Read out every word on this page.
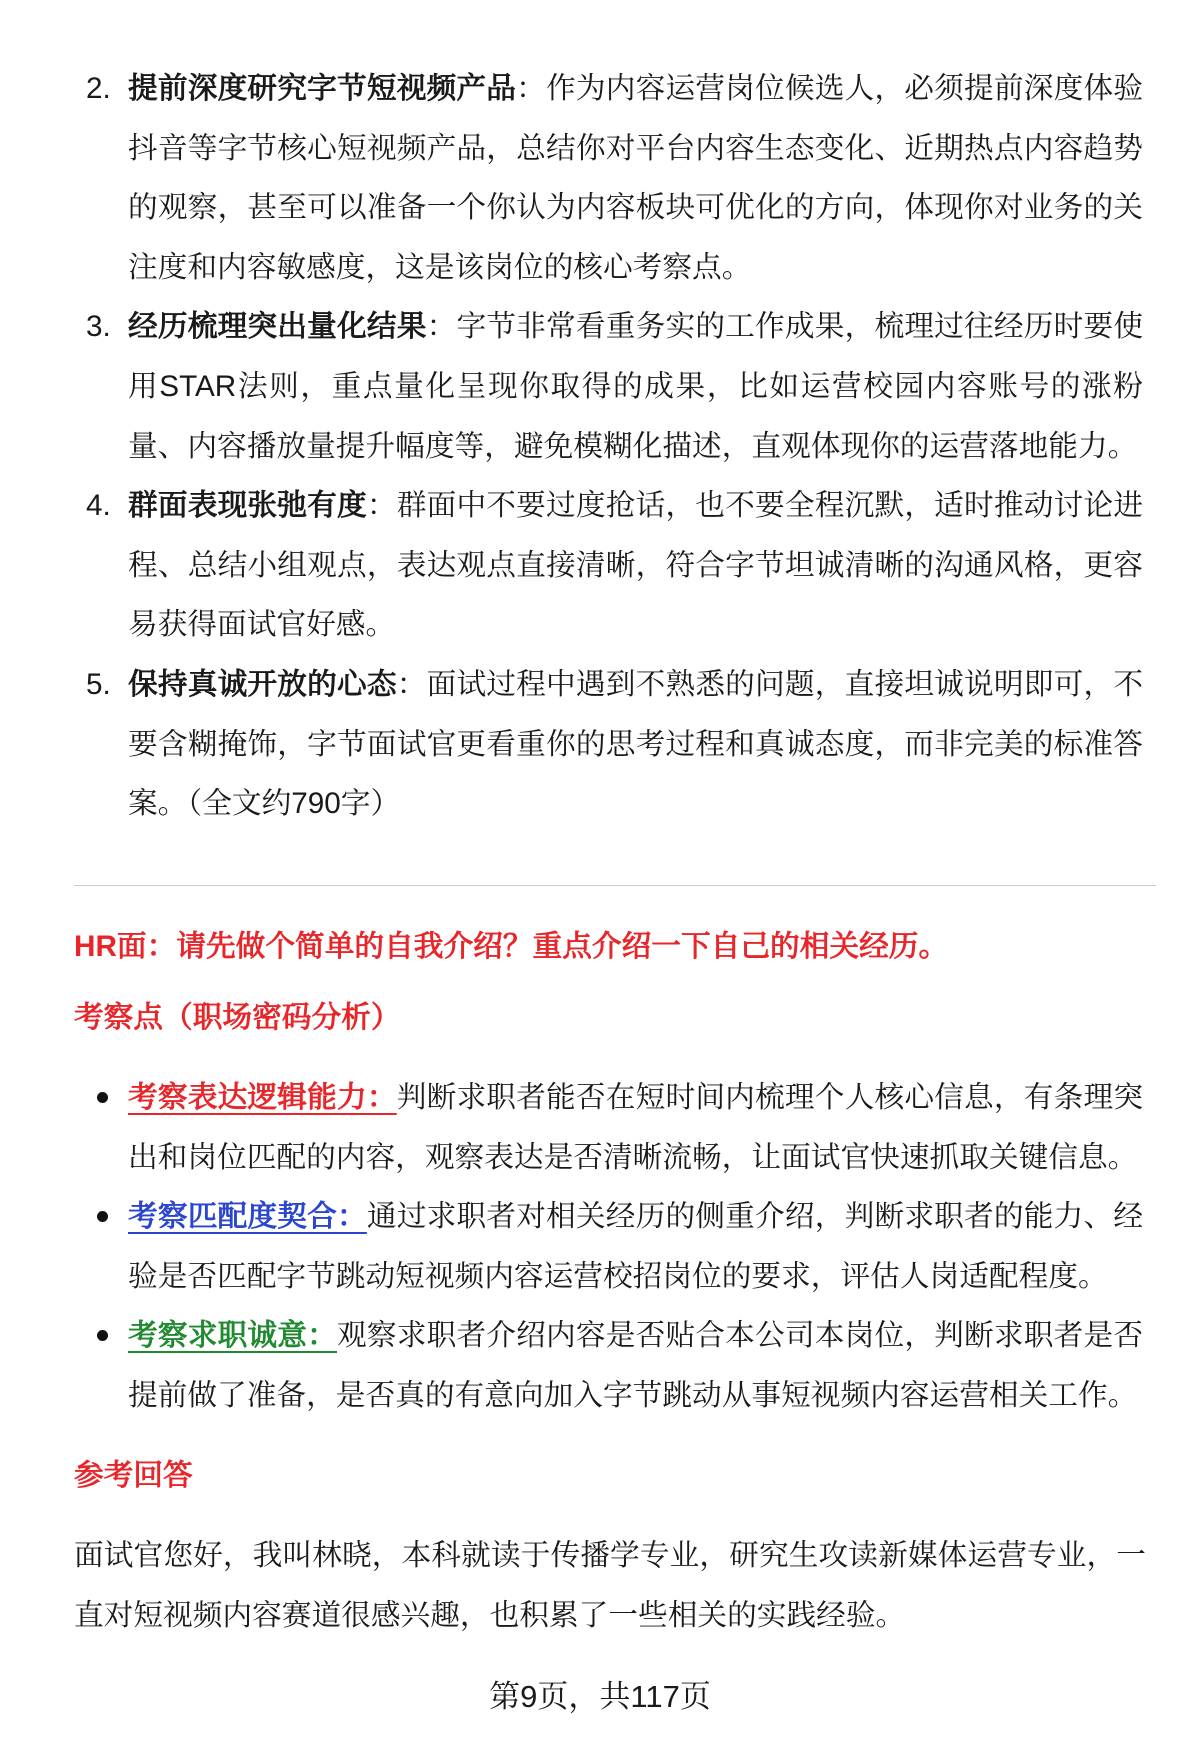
2. 提前深度研究字节短视频产品：作为内容运营岗位候选人，必须提前深度体验抖音等字节核心短视频产品，总结你对平台内容生态变化、近期热点内容趋势的观察，甚至可以准备一个你认为内容板块可优化的方向，体现你对业务的关注度和内容敏感度，这是该岗位的核心考察点。
3. 经历梳理突出量化结果：字节非常看重务实的工作成果，梳理过往经历时要使用STAR法则，重点量化呈现你取得的成果，比如运营校园内容账号的涨粉量、内容播放量提升幅度等，避免模糊化描述，直观体现你的运营落地能力。
4. 群面表现张弛有度：群面中不要过度抢话，也不要全程沉默，适时推动讨论进程、总结小组观点，表达观点直接清晰，符合字节坦诚清晰的沟通风格，更容易获得面试官好感。
5. 保持真诚开放的心态：面试过程中遇到不熟悉的问题，直接坦诚说明即可，不要含糊掩饰，字节面试官更看重你的思考过程和真诚态度，而非完美的标准答案。（全文约790字）
HR面：请先做个简单的自我介绍？重点介绍一下自己的相关经历。
考察点（职场密码分析）
考察表达逻辑能力：判断求职者能否在短时间内梳理个人核心信息，有条理突出和岗位匹配的内容，观察表达是否清晰流畅，让面试官快速抓取关键信息。
考察匹配度契合：通过求职者对相关经历的侧重介绍，判断求职者的能力、经验是否匹配字节跳动短视频内容运营校招岗位的要求，评估人岗适配程度。
考察求职诚意：观察求职者介绍内容是否贴合本公司本岗位，判断求职者是否提前做了准备，是否真的有意向加入字节跳动从事短视频内容运营相关工作。
参考回答

面试官您好，我叫林晓，本科就读于传播学专业，研究生攻读新媒体运营专业，一直对短视频内容赛道很感兴趣，也积累了一些相关的实践经验。

第9页，共117页
